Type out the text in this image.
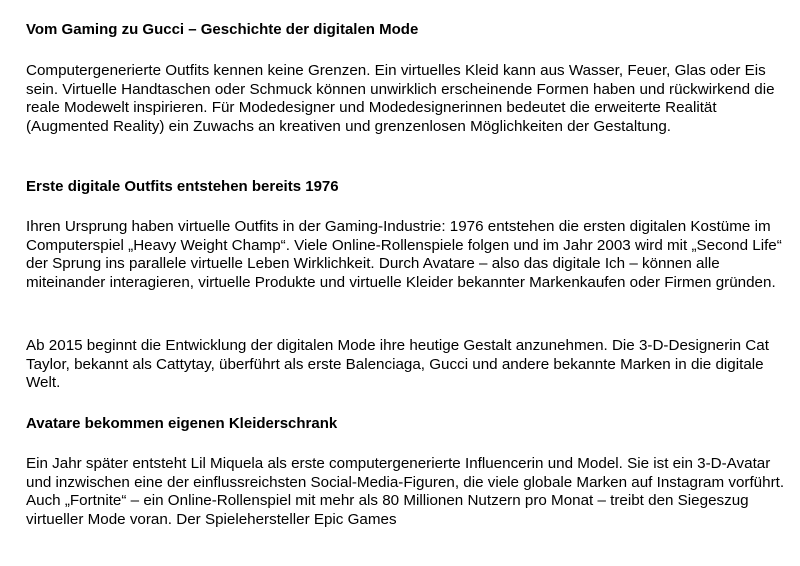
Vom Gaming zu Gucci – Geschichte der digitalen Mode

Computergenerierte Outfits kennen keine Grenzen. Ein virtuelles Kleid kann aus Wasser, Feuer, Glas oder Eis sein. Virtuelle Handtaschen oder Schmuck können unwirklich erscheinende Formen haben und rückwirkend die reale Modewelt inspirieren. Für Modedesigner und Modedesignerinnen bedeutet die erweiterte Realität (Augmented Reality) ein Zuwachs an kreativen und grenzenlosen Möglichkeiten der Gestaltung.

Erste digitale Outfits entstehen bereits 1976

Ihren Ursprung haben virtuelle Outfits in der Gaming-Industrie: 1976 entstehen die ersten digitalen Kostüme im Computerspiel „Heavy Weight Champ“. Viele Online-Rollenspiele folgen und im Jahr 2003 wird mit „Second Life“ der Sprung ins parallele virtuelle Leben Wirklichkeit. Durch Avatare – also das digitale Ich – können alle miteinander interagieren, virtuelle Produkte und virtuelle Kleider bekannter Markenkaufen oder Firmen gründen.

Ab 2015 beginnt die Entwicklung der digitalen Mode ihre heutige Gestalt anzunehmen. Die 3-D-Designerin Cat Taylor, bekannt als Cattytay, überführt als erste Balenciaga, Gucci und andere bekannte Marken in die digitale Welt.

Avatare bekommen eigenen Kleiderschrank

Ein Jahr später entsteht Lil Miquela als erste computergenerierte Influencerin und Model. Sie ist ein 3-D-Avatar und inzwischen eine der einflussreichsten Social-Media-Figuren, die viele globale Marken auf Instagram vorführt. Auch „Fortnite“ – ein Online-Rollenspiel mit mehr als 80 Millionen Nutzern pro Monat – treibt den Siegeszug virtueller Mode voran. Der Spielehersteller Epic Games
